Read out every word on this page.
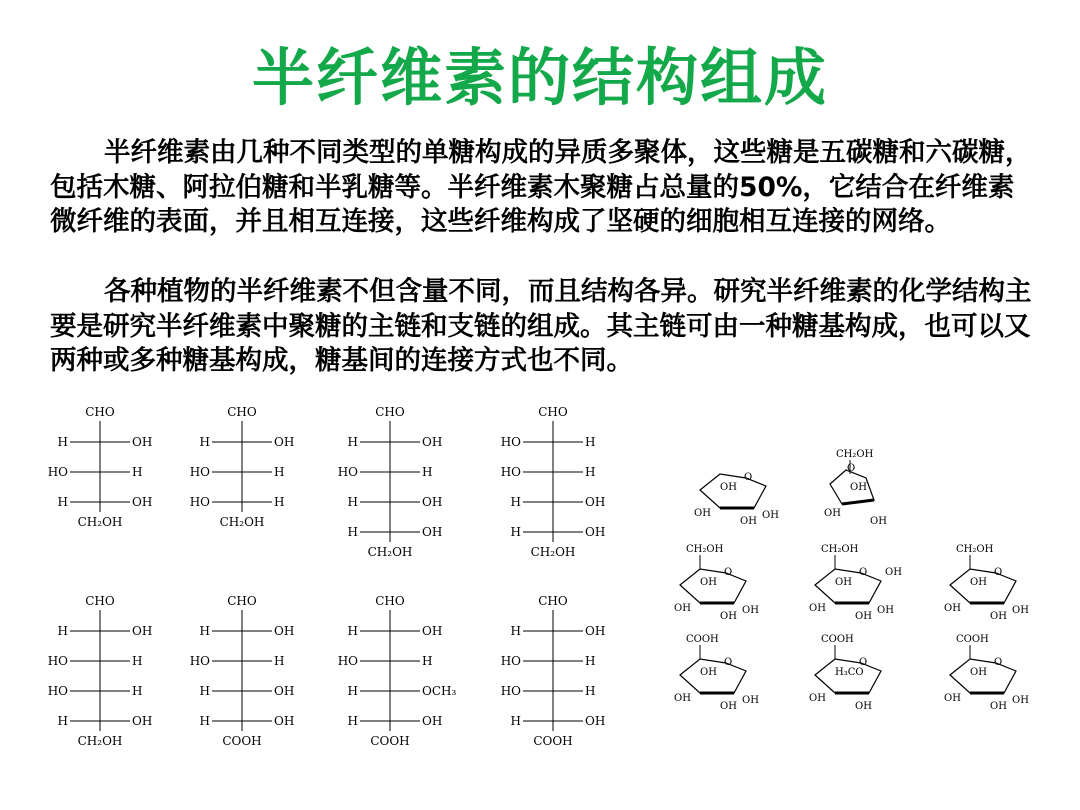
半纤维素的结构组成

半纤维素由几种不同类型的单糖构成的异质多聚体，这些糖是五碳糖和六碳糖，包括木糖、阿拉伯糖和半乳糖等。半纤维素木聚糖占总量的50%，它结合在纤维素微纤维的表面，并且相互连接，这些纤维构成了坚硬的细胞相互连接的网络。

各种植物的半纤维素不但含量不同，而且结构各异。研究半纤维素的化学结构主要是研究半纤维素中聚糖的主链和支链的组成。其主链可由一种糖基构成，也可以又两种或多种糖基构成，糖基间的连接方式也不同。

CHO
H	OH
HO	H
H	OH
CH₂OH
CHO
H	OH
HO	H
HO	H
CH₂OH
CHO
H	OH
HO	H
H	OH
H	OH
CH₂OH
CHO
HO	H
HO	H
H	OH
H	OH
CH₂OH
CHO
H	OH
HO	H
HO	H
H	OH
CH₂OH
CHO
H	OH
HO	H
H	OH
H	OH
COOH
CHO
H	OH
HO	H
H	OCH₃
H	OH
COOH
CHO
H	OH
HO	H
HO	H
H	OH
COOH
O
OH
OH
OH
OH
O
CH₂OH
OH
OH
OH
O
CH₂OH
OH
OH
OH
OH
O
CH₂OH
OH
OH
OH
OH
OH	O
CH₂OH
OH
OH
OH
OH
O
COOH
OH
OH
OH
OH
O
COOH
OH
H₃CO
OH
O
COOH
OH
OH
OH
OH
